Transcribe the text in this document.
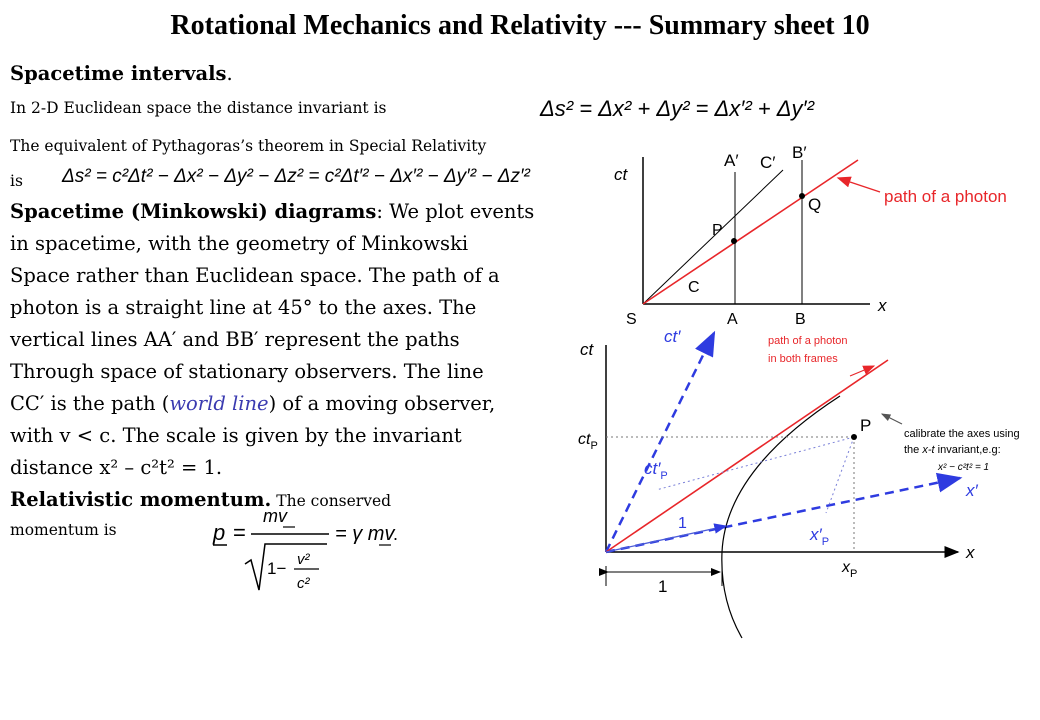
Rotational Mechanics and Relativity --- Summary sheet 10
Spacetime intervals.
In 2-D Euclidean space the distance invariant is	Δs² = Δx² + Δy² = Δx′² + Δy′²
The equivalent of Pythagoras’s theorem in Special Relativity
is Δs² = c²Δt² − Δx² − Δy² − Δz² = c²Δt′² − Δx′² − Δy′² − Δz′²
Spacetime (Minkowski) diagrams: We plot events
in spacetime, with the geometry of Minkowski
Space rather than Euclidean space. The path of a
photon is a straight line at 45° to the axes. The
vertical lines AA′ and BB′ represent the paths
Through space of stationary observers. The line
CC′ is the path (world line) of a moving observer,
with v < c. The scale is given by the invariant
distance x² – c²t² = 1.
Relativistic momentum. The conserved
momentum is	p =
mv
1− v²
c²
= γ mv
.
ct
x
S	A	B
C
A′ C′
B′
P
Q	path of a photon
ct
ct′
x
x′
$ct_P$
$ct'_P$
$x_P$
$x'_P$
P
1
1
path of a photon
in both frames
calibrate the axes using
the x-t invariant,e.g:
x² − c²t² = 1
